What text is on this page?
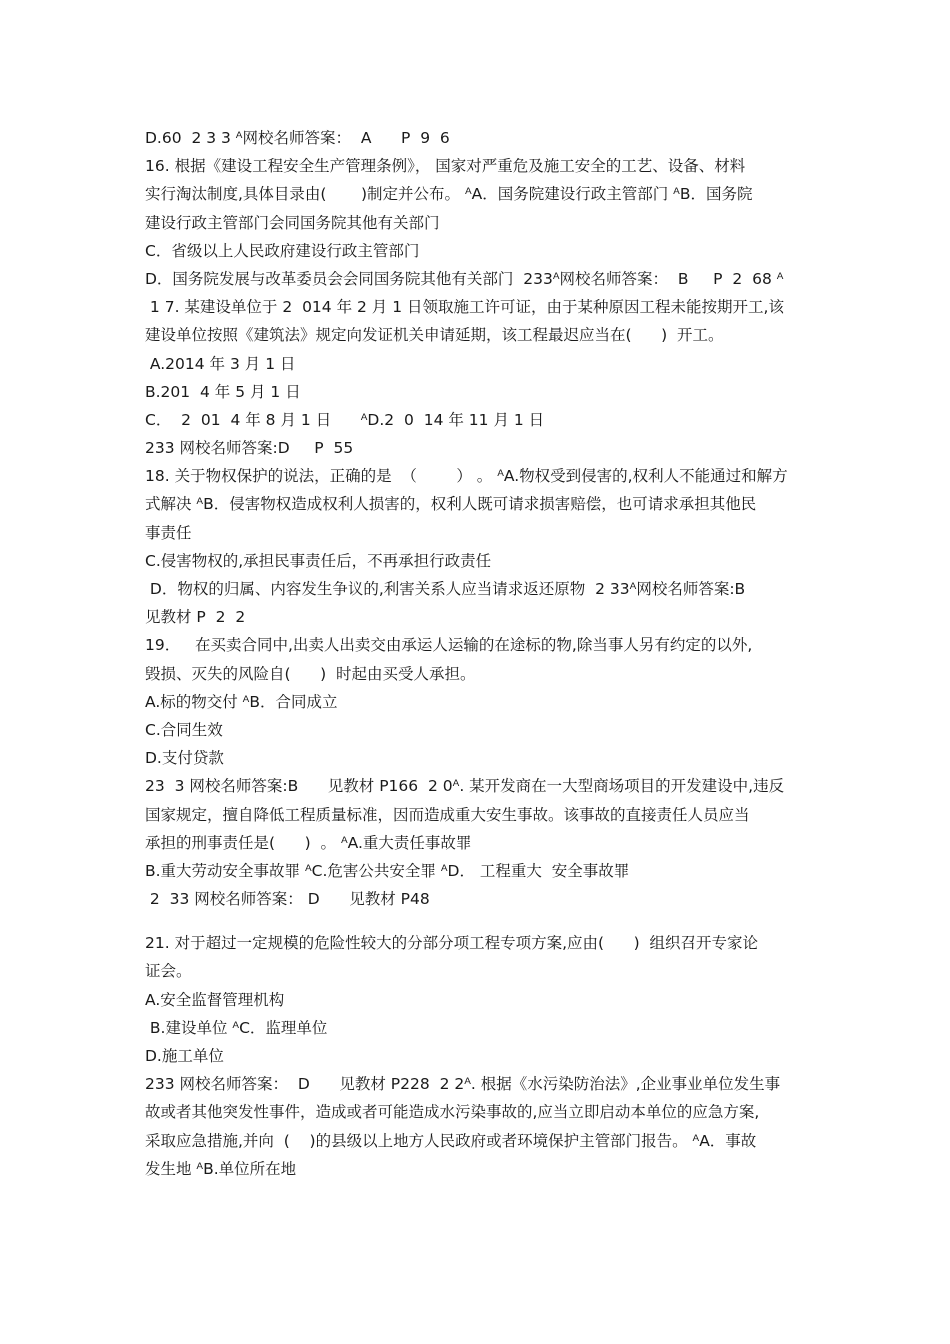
D.60  2 3 3 ᴬ网校名师答案：  A      P  9  6
16. 根据《建设工程安全生产管理条例》， 国家对严重危及施工安全的工艺、设备、材料
实行淘汰制度,具体目录由(       )制定并公布。 ᴬA．国务院建设行政主管部门 ᴬB．国务院
建设行政主管部门会同国务院其他有关部门
C．省级以上人民政府建设行政主管部门
D．国务院发展与改革委员会会同国务院其他有关部门  233ᴬ网校名师答案：  B     P  2  68 ᴬ
1 7. 某建设单位于 2  014 年 2 月 1 日领取施工许可证，由于某种原因工程未能按期开工,该
建设单位按照《建筑法》规定向发证机关申请延期，该工程最迟应当在(      )  开工。
A.2014 年 3 月 1 日
B.201  4 年 5 月 1 日
C．  2  01  4 年 8 月 1 日      ᴬD.2  0  14 年 11 月 1 日
233 网校名师答案:D     P  55
18. 关于物权保护的说法，正确的是  （        ） 。 ᴬA.物权受到侵害的,权利人不能通过和解方
式解决 ᴬB．侵害物权造成权利人损害的，权利人既可请求损害赔偿，也可请求承担其他民
事责任
C.侵害物权的,承担民事责任后，不再承担行政责任
D．物权的归属、内容发生争议的,利害关系人应当请求返还原物  2 33ᴬ网校名师答案:B
见教材 P  2  2
19．   在买卖合同中,出卖人出卖交由承运人运输的在途标的物,除当事人另有约定的以外,
毁损、灭失的风险自(      )  时起由买受人承担。
A.标的物交付 ᴬB．合同成立
C.合同生效
D.支付贷款
23  3 网校名师答案:B      见教材 P166  2 0ᴬ. 某开发商在一大型商场项目的开发建设中,违反
国家规定，擅自降低工程质量标准，因而造成重大安生事故。该事故的直接责任人员应当
承担的刑事责任是(      )  。 ᴬA.重大责任事故罪
B.重大劳动安全事故罪 ᴬC.危害公共安全罪 ᴬD． 工程重大  安全事故罪
2  33 网校名师答案： D      见教材 P48
21. 对于超过一定规模的危险性较大的分部分项工程专项方案,应由(      )  组织召开专家论
证会。
A.安全监督管理机构
B.建设单位 ᴬC．监理单位
D.施工单位
233 网校名师答案：  D      见教材 P228  2 2ᴬ. 根据《水污染防治法》,企业事业单位发生事
故或者其他突发性事件，造成或者可能造成水污染事故的,应当立即启动本单位的应急方案,
采取应急措施,并向  (    )的县级以上地方人民政府或者环境保护主管部门报告。 ᴬA．事故
发生地 ᴬB.单位所在地
